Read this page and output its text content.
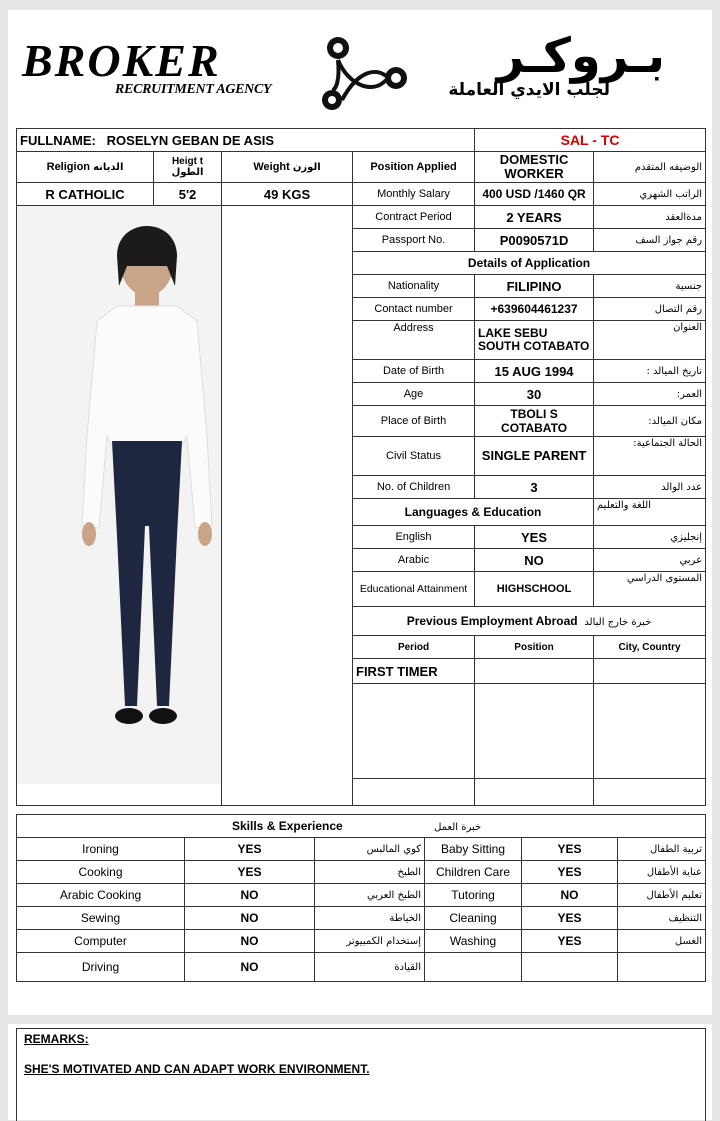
BROKER
RECRUITMENT AGENCY
بـروكـر
لجلب الايدي العاملة
FULLNAME: ROSELYN GEBAN DE ASIS				SAL - TC	
Religion الديانه	Heigt t الطول	Weight الوزن	Position Applied	DOMESTIC WORKER	الوضيفه المتقدم
R CATHOLIC	5'2	49 KGS	Monthly Salary	400 USD /1460 QR	الراتب الشهري

		Contract Period	2 YEARS	مدةالعقد
			Passport No.	P0090571D	رقم جواز السف
			Details of Application		
			Nationality	FILIPINO	جنسية
			Contact number	+639604461237	رقم التصال
			Address	LAKE SEBU SOUTH COTABATO	العنوان
			Date of Birth	15 AUG 1994	ناريخ الميالد :
			Age	30	العمر:
			Place of Birth	TBOLI S COTABATO	مكان الميالد:
			Civil Status	SINGLE PARENT	الحالة الجتماعية:
			No. of Children	3	عدد الوالد
			Languages & Education		اللغة والتعليم
			English	YES	إنجليزي
			Arabic	NO	عربي
			Educational Attainment	HIGHSCHOOL	المستوى الدراسي
			Previous Employment Abroad خبرة خارج البالد		
			Period	Position	City, Country
			FIRST TIMER		

Skills & Experience خبرة العمل					
Ironing	YES	كوي المالبس	Baby Sitting	YES	تربية الطفال
Cooking	YES	الطبخ	Children Care	YES	عناية الأطفال
Arabic Cooking	NO	الطبخ العربي	Tutoring	NO	تعليم الأطفال
Sewing	NO	الخياطة	Cleaning	YES	التنظيف
Computer	NO	إستخدام الكمبيوتر	Washing	YES	الغسل
Driving	NO	القيادة			
REMARKS:
SHE'S MOTIVATED AND CAN ADAPT WORK ENVIRONMENT.
